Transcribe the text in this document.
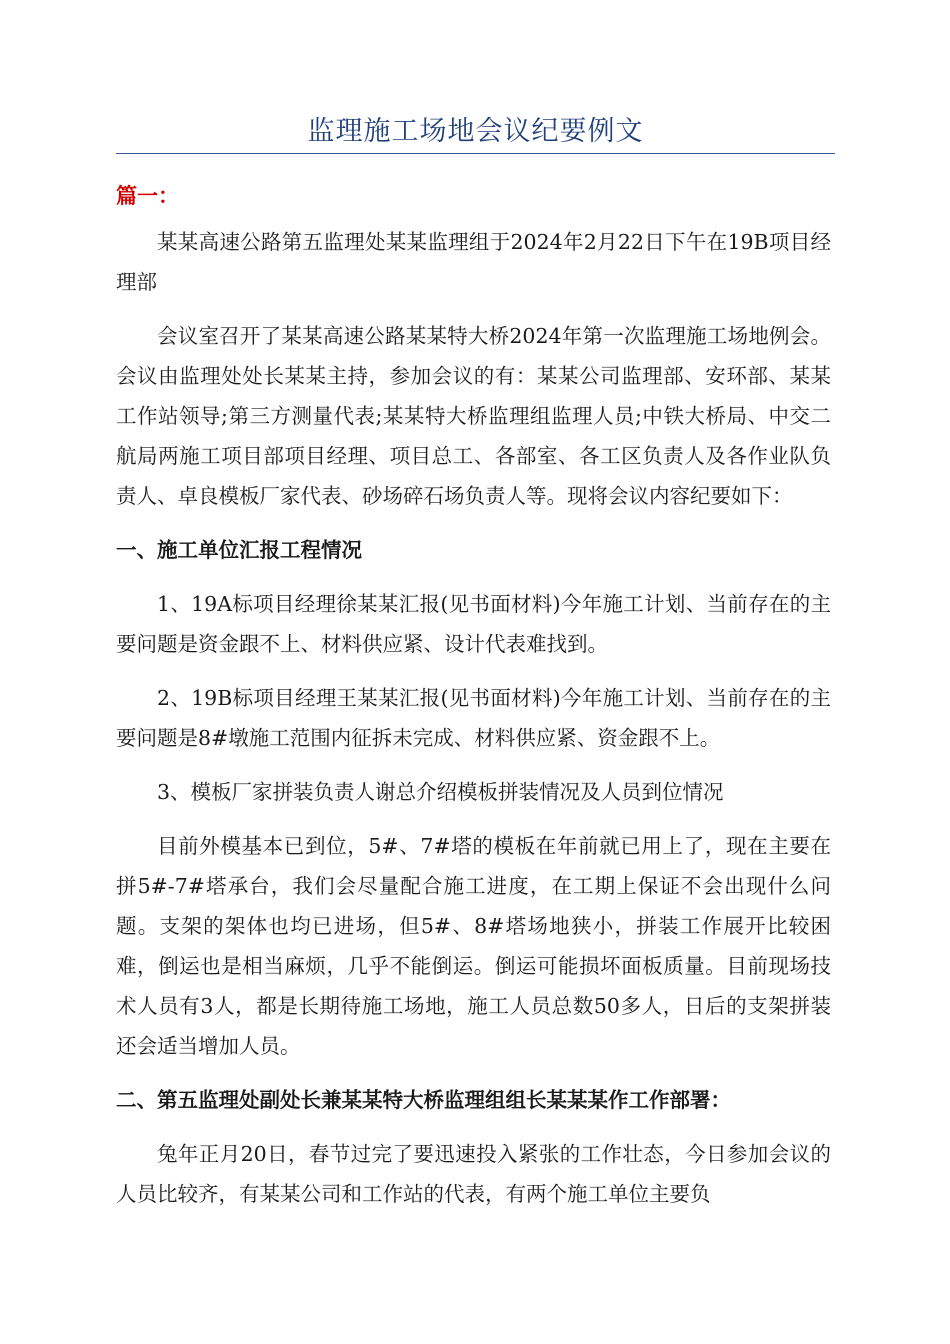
监理施工场地会议纪要例文
篇一：

某某高速公路第五监理处某某监理组于2024年2月22日下午在19B项目经理部

会议室召开了某某高速公路某某特大桥2024年第一次监理施工场地例会。会议由监理处处长某某主持，参加会议的有：某某公司监理部、安环部、某某工作站领导;第三方测量代表;某某特大桥监理组监理人员;中铁大桥局、中交二航局两施工项目部项目经理、项目总工、各部室、各工区负责人及各作业队负责人、卓良模板厂家代表、砂场碎石场负责人等。现将会议内容纪要如下：

一、施工单位汇报工程情况

1、19A标项目经理徐某某汇报(见书面材料)今年施工计划、当前存在的主要问题是资金跟不上、材料供应紧、设计代表难找到。

2、19B标项目经理王某某汇报(见书面材料)今年施工计划、当前存在的主要问题是8#墩施工范围内征拆未完成、材料供应紧、资金跟不上。

3、模板厂家拼装负责人谢总介绍模板拼装情况及人员到位情况

目前外模基本已到位，5#、7#塔的模板在年前就已用上了，现在主要在拼5#-7#塔承台，我们会尽量配合施工进度，在工期上保证不会出现什么问题。支架的架体也均已进场，但5#、8#塔场地狭小，拼装工作展开比较困难，倒运也是相当麻烦，几乎不能倒运。倒运可能损坏面板质量。目前现场技术人员有3人，都是长期待施工场地，施工人员总数50多人，日后的支架拼装还会适当增加人员。

二、第五监理处副处长兼某某特大桥监理组组长某某某作工作部署：

兔年正月20日，春节过完了要迅速投入紧张的工作壮态，今日参加会议的人员比较齐，有某某公司和工作站的代表，有两个施工单位主要负
